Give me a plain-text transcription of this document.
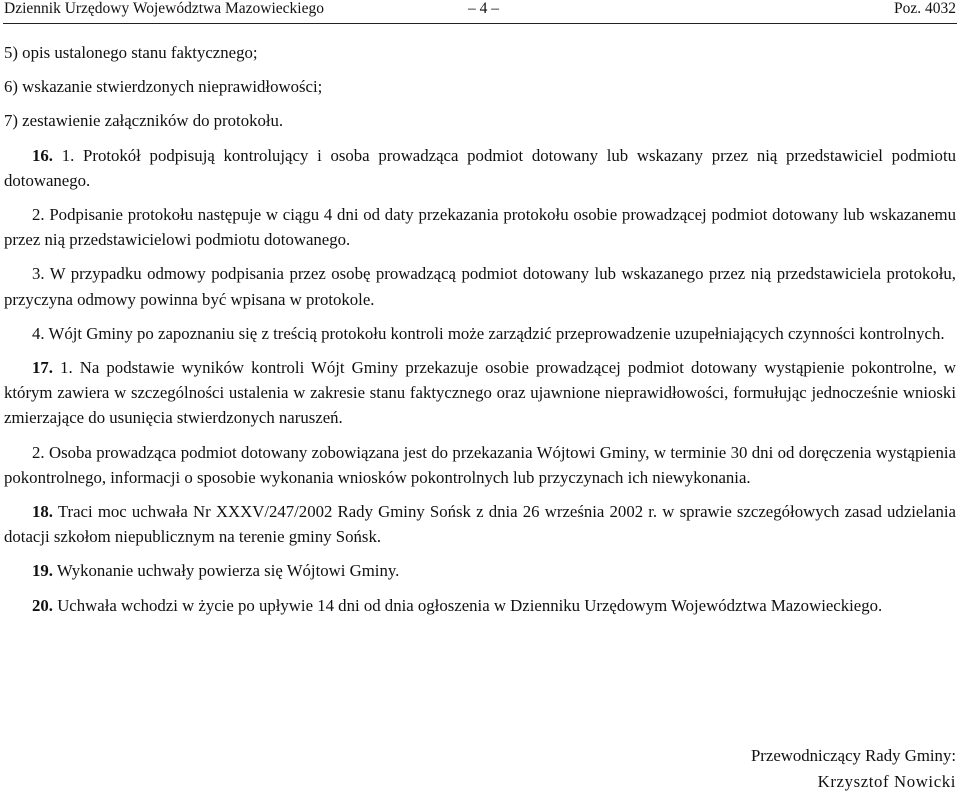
Dziennik Urzędowy Województwa Mazowieckiego	– 4 –	Poz. 4032

5) opis ustalonego stanu faktycznego;

6) wskazanie stwierdzonych nieprawidłowości;

7) zestawienie załączników do protokołu.

16. 1. Protokół podpisują kontrolujący i osoba prowadząca podmiot dotowany lub wskazany przez nią przedstawiciel podmiotu dotowanego.

2. Podpisanie protokołu następuje w ciągu 4 dni od daty przekazania protokołu osobie prowadzącej podmiot dotowany lub wskazanemu przez nią przedstawicielowi podmiotu dotowanego.

3. W przypadku odmowy podpisania przez osobę prowadzącą podmiot dotowany lub wskazanego przez nią przedstawiciela protokołu, przyczyna odmowy powinna być wpisana w protokole.

4. Wójt Gminy po zapoznaniu się z treścią protokołu kontroli może zarządzić przeprowadzenie uzupełniających czynności kontrolnych.

17. 1. Na podstawie wyników kontroli Wójt Gminy przekazuje osobie prowadzącej podmiot dotowany wystąpienie pokontrolne, w którym zawiera w szczególności ustalenia w zakresie stanu faktycznego oraz ujawnione nieprawidłowości, formułując jednocześnie wnioski zmierzające do usunięcia stwierdzonych naruszeń.

2. Osoba prowadząca podmiot dotowany zobowiązana jest do przekazania Wójtowi Gminy, w terminie 30 dni od doręczenia wystąpienia pokontrolnego, informacji o sposobie wykonania wniosków pokontrolnych lub przyczynach ich niewykonania.

18. Traci moc uchwała Nr XXXV/247/2002 Rady Gminy Sońsk z dnia 26 września 2002 r. w sprawie szczegółowych zasad udzielania dotacji szkołom niepublicznym na terenie gminy Sońsk.

19. Wykonanie uchwały powierza się Wójtowi Gminy.

20. Uchwała wchodzi w życie po upływie 14 dni od dnia ogłoszenia w Dzienniku Urzędowym Województwa Mazowieckiego.

Przewodniczący Rady Gminy:
Krzysztof Nowicki
